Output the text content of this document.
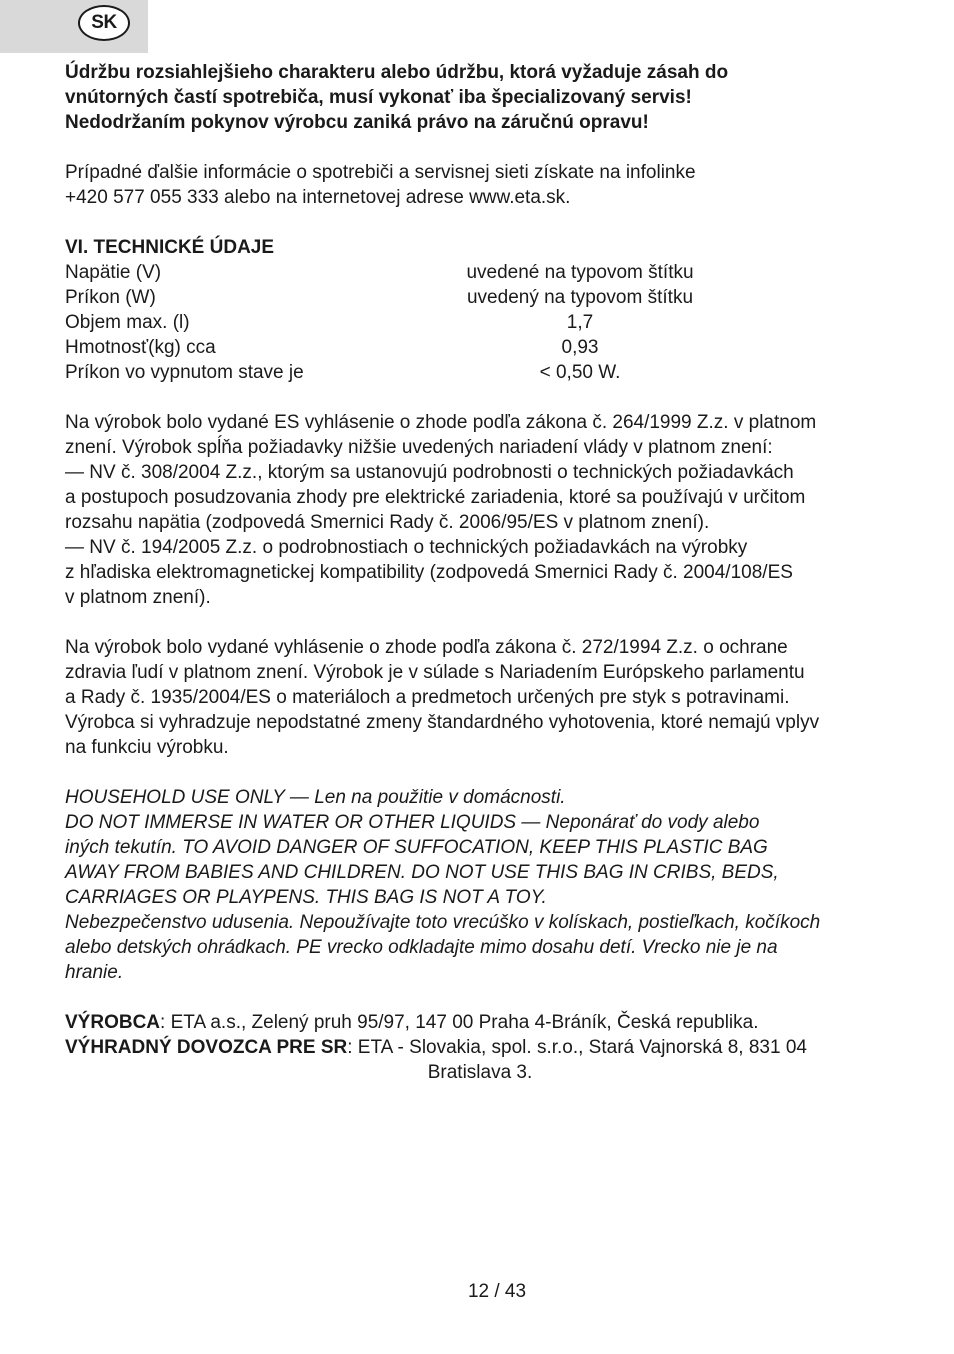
SK

Údržbu rozsiahlejšieho charakteru alebo údržbu, ktorá vyžaduje zásah do

vnútorných častí spotrebiča, musí vykonať iba špecializovaný servis!

Nedodržaním pokynov výrobcu zaniká právo na záručnú opravu!

Prípadné ďalšie informácie o spotrebiči a servisnej sieti získate na infolinke

+420 577 055 333 alebo na internetovej adrese www.eta.sk.

VI. TECHNICKÉ ÚDAJE

Napätie (V)	uvedené na typovom štítku
Príkon (W)	uvedený na typovom štítku
Objem max. (l)	1,7
Hmotnosť(kg) cca	0,93
Príkon vo vypnutom stave je	< 0,50 W.

Na výrobok bolo vydané ES vyhlásenie o zhode podľa zákona č. 264/1999 Z.z. v platnom

znení. Výrobok spĺňa požiadavky nižšie uvedených nariadení vlády v platnom znení:

— NV č. 308/2004 Z.z., ktorým sa ustanovujú podrobnosti o technických požiadavkách

a postupoch posudzovania zhody pre elektrické zariadenia, ktoré sa používajú v určitom

rozsahu napätia (zodpovedá Smernici Rady č. 2006/95/ES v platnom znení).

— NV č. 194/2005 Z.z. o podrobnostiach o technických požiadavkách na výrobky

z hľadiska elektromagnetickej kompatibility (zodpovedá Smernici Rady č. 2004/108/ES

v platnom znení).

Na výrobok bolo vydané vyhlásenie o zhode podľa zákona č. 272/1994 Z.z. o ochrane

zdravia ľudí v platnom znení. Výrobok je v súlade s Nariadením Európskeho parlamentu

a Rady č. 1935/2004/ES o materiáloch a predmetoch určených pre styk s potravinami.

Výrobca si vyhradzuje nepodstatné zmeny štandardného vyhotovenia, ktoré nemajú vplyv

na funkciu výrobku.

HOUSEHOLD USE ONLY — Len na použitie v domácnosti.

DO NOT IMMERSE IN WATER OR OTHER LIQUIDS — Neponárať do vody alebo

iných tekutín. TO AVOID DANGER OF SUFFOCATION, KEEP THIS PLASTIC BAG

AWAY FROM BABIES AND CHILDREN. DO NOT USE THIS BAG IN CRIBS, BEDS,

CARRIAGES OR PLAYPENS. THIS BAG IS NOT A TOY.

Nebezpečenstvo udusenia. Nepoužívajte toto vrecúško v kolískach, postieľkach, kočíkoch

alebo detských ohrádkach. PE vrecko odkladajte mimo dosahu detí. Vrecko nie je na

hranie.

VÝROBCA: ETA a.s., Zelený pruh 95/97, 147 00 Praha 4-Bráník, Česká republika.

VÝHRADNÝ DOVOZCA PRE SR: ETA - Slovakia, spol. s.r.o., Stará Vajnorská 8, 831 04

Bratislava 3.

12 / 43
